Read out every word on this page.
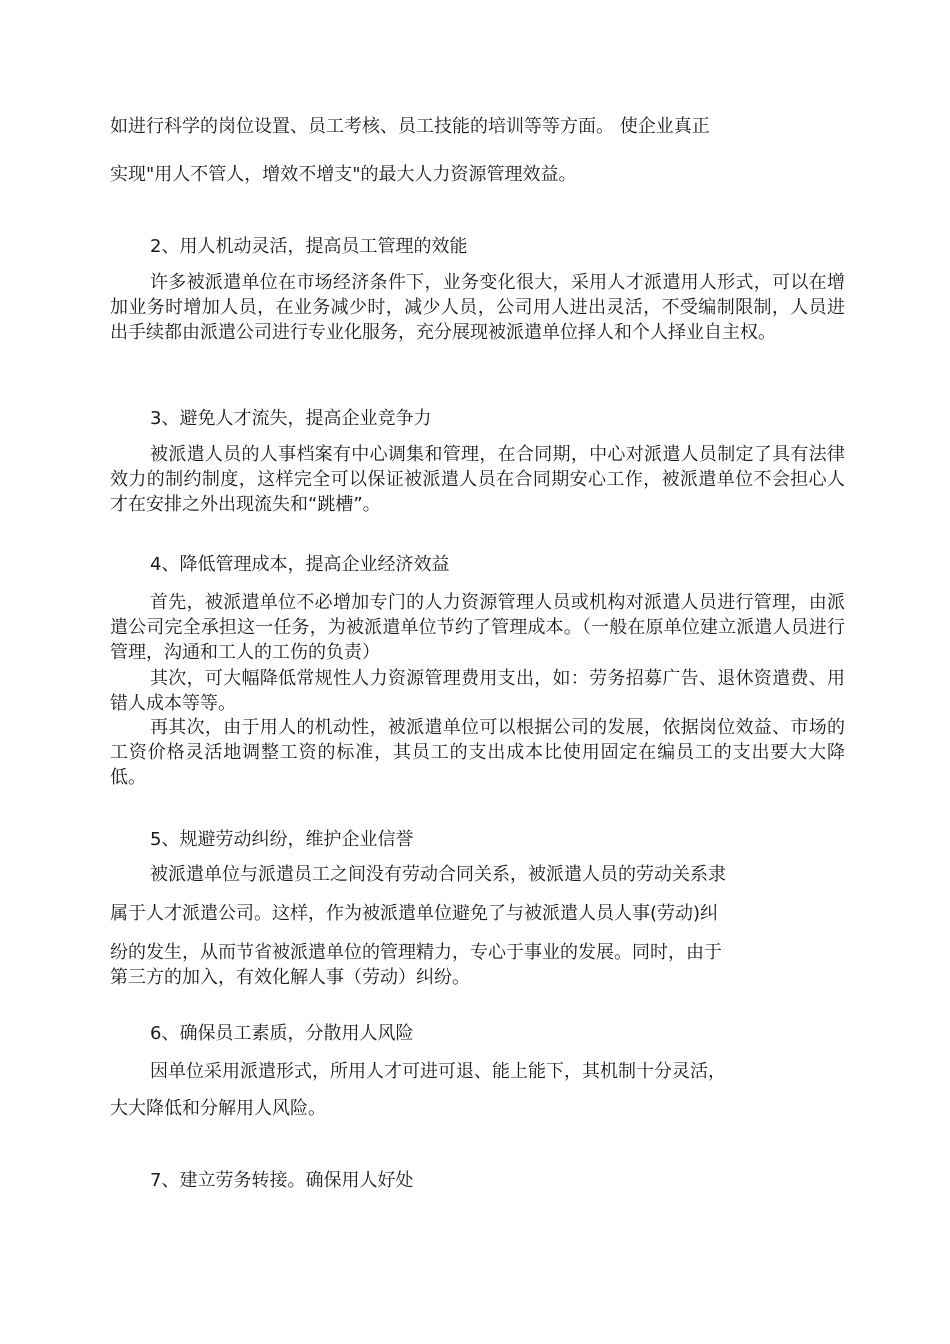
如进行科学的岗位设置、员工考核、员工技能的培训等等方面。 使企业真正

实现"用人不管人，增效不增支"的最大人力资源管理效益。

2、用人机动灵活，提高员工管理的效能

许多被派遣单位在市场经济条件下，业务变化很大，采用人才派遣用人形式，可以在增加业务时增加人员，在业务减少时，减少人员，公司用人进出灵活，不受编制限制，人员进出手续都由派遣公司进行专业化服务，充分展现被派遣单位择人和个人择业自主权。

3、避免人才流失，提高企业竞争力

被派遣人员的人事档案有中心调集和管理，在合同期，中心对派遣人员制定了具有法律效力的制约制度，这样完全可以保证被派遣人员在合同期安心工作，被派遣单位不会担心人才在安排之外出现流失和“跳槽”。

4、降低管理成本，提高企业经济效益

首先，被派遣单位不必增加专门的人力资源管理人员或机构对派遣人员进行管理，由派遣公司完全承担这一任务，为被派遣单位节约了管理成本。（一般在原单位建立派遣人员进行管理，沟通和工人的工伤的负责）

其次，可大幅降低常规性人力资源管理费用支出，如：劳务招募广告、退休资遣费、用错人成本等等。

再其次，由于用人的机动性，被派遣单位可以根据公司的发展，依据岗位效益、市场的工资价格灵活地调整工资的标准，其员工的支出成本比使用固定在编员工的支出要大大降低。

5、规避劳动纠纷，维护企业信誉

被派遣单位与派遣员工之间没有劳动合同关系，被派遣人员的劳动关系隶

属于人才派遣公司。这样，作为被派遣单位避免了与被派遣人员人事(劳动)纠

纷的发生，从而节省被派遣单位的管理精力，专心于事业的发展。同时，由于

第三方的加入，有效化解人事（劳动）纠纷。

6、确保员工素质，分散用人风险

因单位采用派遣形式，所用人才可进可退、能上能下，其机制十分灵活，

大大降低和分解用人风险。

7、建立劳务转接。确保用人好处
